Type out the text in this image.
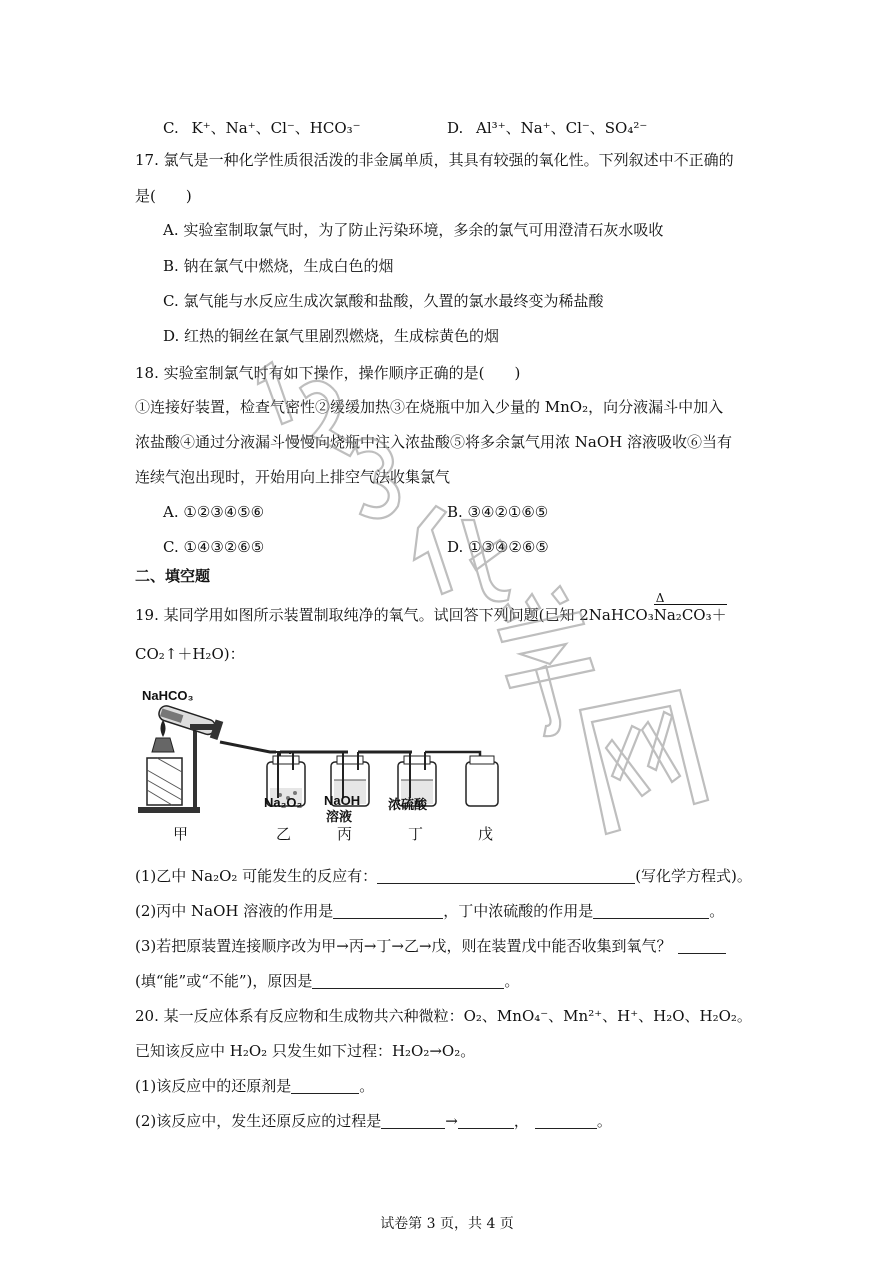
C. K⁺、Na⁺、Cl⁻、HCO₃⁻	D. Al³⁺、Na⁺、Cl⁻、SO₄²⁻
17. 氯气是一种化学性质很活泼的非金属单质，其具有较强的氧化性。下列叙述中不正确的
是(　　)
A. 实验室制取氯气时，为了防止污染环境，多余的氯气可用澄清石灰水吸收
B. 钠在氯气中燃烧，生成白色的烟
C. 氯气能与水反应生成次氯酸和盐酸，久置的氯水最终变为稀盐酸
D. 红热的铜丝在氯气里剧烈燃烧，生成棕黄色的烟
18. 实验室制氯气时有如下操作，操作顺序正确的是(　　)
①连接好装置，检查气密性②缓缓加热③在烧瓶中加入少量的 MnO₂，向分液漏斗中加入
浓盐酸④通过分液漏斗慢慢向烧瓶中注入浓盐酸⑤将多余氯气用浓 NaOH 溶液吸收⑥当有
连续气泡出现时，开始用向上排空气法收集氯气
A. ①②③④⑤⑥	B. ③④②①⑥⑤
C. ①④③②⑥⑤	D. ①③④②⑥⑤
二、填空题
19. 某同学用如图所示装置制取纯净的氧气。试回答下列问题(已知 2NaHCO₃
Δ
Na₂CO₃＋
CO₂↑＋H₂O)：
NaHCO₃
Na₂O₂ NaOH
溶液
浓硫酸
甲	乙	丙	丁	戊
(1)乙中 Na₂O₂ 可能发生的反应有：	(写化学方程式)。
(2)丙中 NaOH 溶液的作用是	，丁中浓硫酸的作用是	。
(3)若把原装置连接顺序改为甲→丙→丁→乙→戊，则在装置戊中能否收集到氧气？
(填“能”或“不能”)，原因是	。
20. 某一反应体系有反应物和生成物共六种微粒：O₂、MnO₄⁻、Mn²⁺、H⁺、H₂O、H₂O₂。
已知该反应中 H₂O₂ 只发生如下过程：H₂O₂→O₂。
(1)该反应中的还原剂是	。
(2)该反应中，发生还原反应的过程是	→	，	。
试卷第 3 页，共 4 页
